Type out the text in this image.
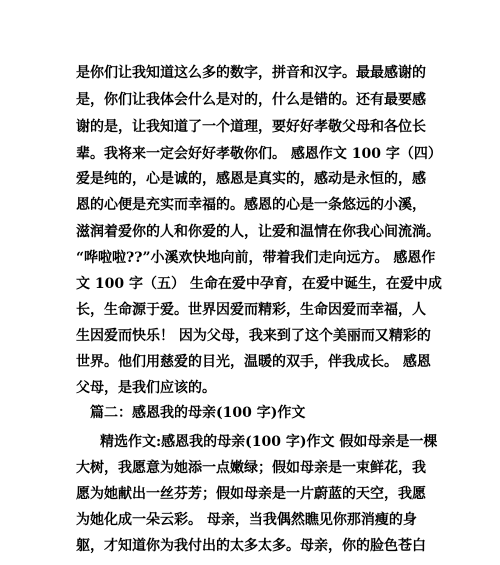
是你们让我知道这么多的数字，拼音和汉字。最最感谢的
是，你们让我体会什么是对的，什么是错的。还有最要感
谢的是，让我知道了一个道理，要好好孝敬父母和各位长
辈。我将来一定会好好孝敬你们。 感恩作文 100 字（四）
爱是纯的，心是诚的，感恩是真实的，感动是永恒的，感
恩的心便是充实而幸福的。感恩的心是一条悠远的小溪，
滋润着爱你的人和你爱的人，让爱和温情在你我心间流淌。
“哗啦啦??”小溪欢快地向前，带着我们走向远方。 感恩作
文 100 字（五） 生命在爱中孕育，在爱中诞生，在爱中成
长，生命源于爱。世界因爱而精彩，生命因爱而幸福，人
生因爱而快乐！ 因为父母，我来到了这个美丽而又精彩的
世界。他们用慈爱的目光，温暖的双手，伴我成长。 感恩
父母，是我们应该的。
篇二：感恩我的母亲(100 字)作文
精选作文:感恩我的母亲(100 字)作文 假如母亲是一棵
大树，我愿意为她添一点嫩绿；假如母亲是一束鲜花，我
愿为她献出一丝芬芳；假如母亲是一片蔚蓝的天空，我愿
为她化成一朵云彩。 母亲，当我偶然瞧见你那消瘦的身
躯，才知道你为我付出的太多太多。母亲，你的脸色苍白
